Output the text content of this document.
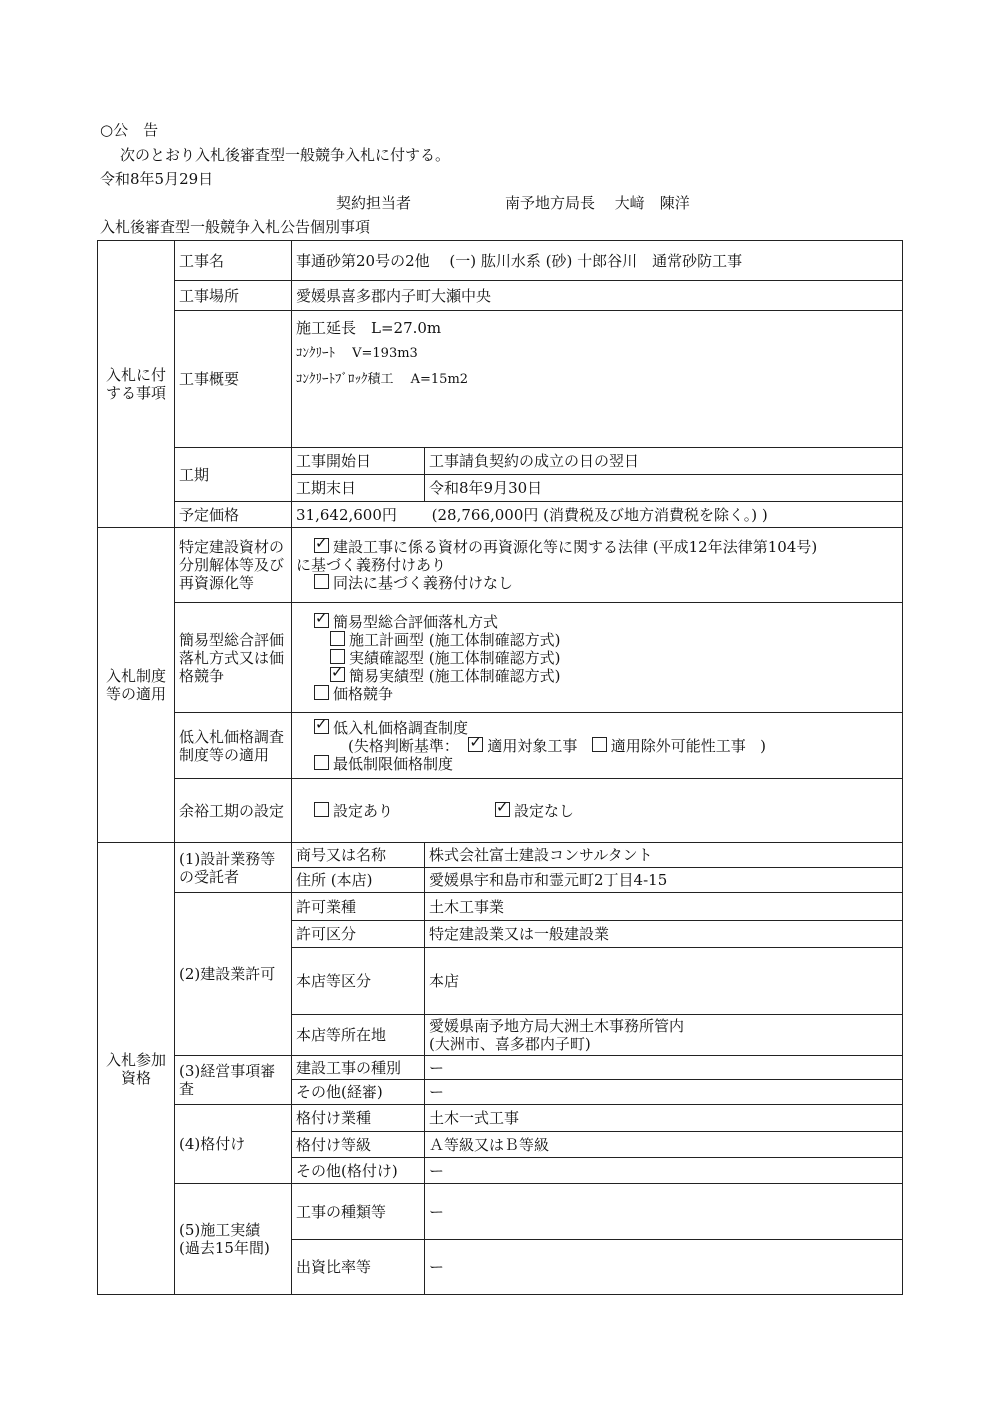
○公　告
次のとおり入札後審査型一般競争入札に付する。
令和8年5月29日
契約担当者	南予地方局長　 大﨑　陳洋
入札後審査型一般競争入札公告個別事項
入札に付する事項	工事名	事通砂第20号の2他　 (一) 肱川水系 (砂) 十郎谷川　通常砂防工事	
	工事場所	愛媛県喜多郡内子町大瀬中央	
	工事概要	施工延長　L=27.0m
ｺﾝｸﾘｰﾄ　 V=193m3
ｺﾝｸﾘｰﾄﾌﾞﾛｯｸ積工　 A=15m2	

	工期	工事開始日	工事請負契約の成立の日の翌日
		工期末日	令和8年9月30日
	予定価格	31,642,600円　　 (28,766,000円 (消費税及び地方消費税を除く。) )	
入札制度等の適用	特定建設資材の分別解体等及び再資源化等	
✓建設工事に係る資材の再資源化等に関する法律 (平成12年法律第104号)
に基づく義務付けあり
同法に基づく義務付けなし

	簡易型総合評価落札方式又は価格競争	
✓簡易型総合評価落札方式
施工計画型 (施工体制確認方式)
実績確認型 (施工体制確認方式)
✓簡易実績型 (施工体制確認方式)
価格競争

	低入札価格調査制度等の適用	
✓低入札価格調査制度
(失格判断基準： ✓ 適用対象工事 適用除外可能性工事 )
最低制限価格制度

	余裕工期の設定	設定あり ✓ 設定なし

入札参加資格	(1)設計業務等の受託者	商号又は名称	株式会社富士建設コンサルタント
		住所 (本店)	愛媛県宇和島市和霊元町2丁目4-15
	(2)建設業許可	許可業種	土木工事業
		許可区分	特定建設業又は一般建設業
		本店等区分	本店
		本店等所在地	愛媛県南予地方局大洲土木事務所管内
(大洲市、喜多郡内子町)

	(3)経営事項審査	建設工事の種別	ー
		その他(経審)	ー
	(4)格付け	格付け業種	土木一式工事
		格付け等級	Ａ等級又はＢ等級
		その他(格付け)	ー

	(5)施工実績
(過去15年間)	工事の種類等	ー
		出資比率等	ー
